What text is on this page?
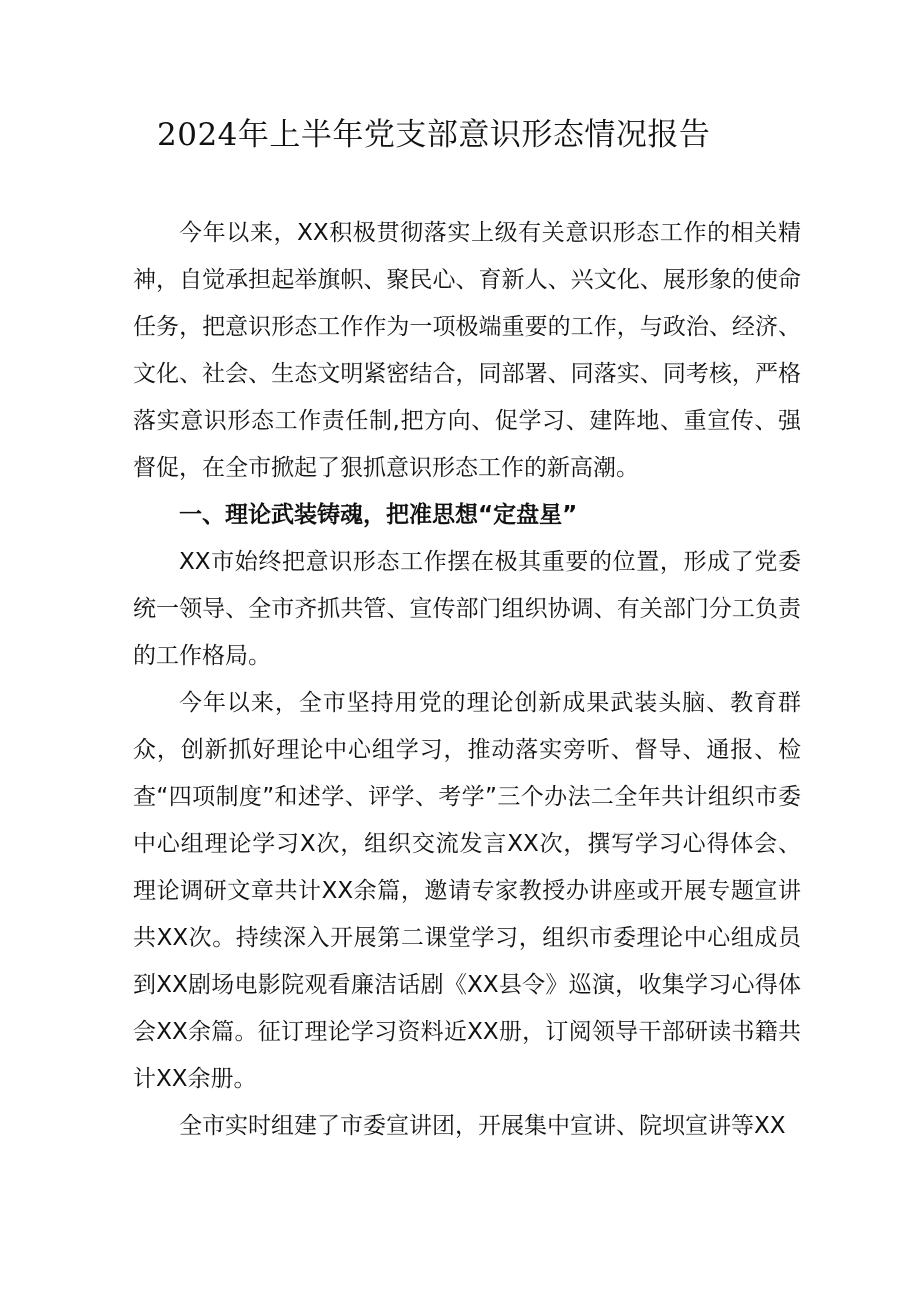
2024年上半年党支部意识形态情况报告

今年以来，XX积极贯彻落实上级有关意识形态工作的相关精神，自觉承担起举旗帜、聚民心、育新人、兴文化、展形象的使命任务，把意识形态工作作为一项极端重要的工作，与政治、经济、文化、社会、生态文明紧密结合，同部署、同落实、同考核，严格落实意识形态工作责任制,把方向、促学习、建阵地、重宣传、强督促，在全市掀起了狠抓意识形态工作的新高潮。

一、理论武装铸魂，把准思想“定盘星”

XX市始终把意识形态工作摆在极其重要的位置，形成了党委统一领导、全市齐抓共管、宣传部门组织协调、有关部门分工负责的工作格局。

今年以来，全市坚持用党的理论创新成果武装头脑、教育群众，创新抓好理论中心组学习，推动落实旁听、督导、通报、检查“四项制度”和述学、评学、考学”三个办法二全年共计组织市委中心组理论学习X次，组织交流发言XX次，撰写学习心得体会、理论调研文章共计XX余篇，邀请专家教授办讲座或开展专题宣讲共XX次。持续深入开展第二课堂学习，组织市委理论中心组成员到XX剧场电影院观看廉洁话剧《XX县令》巡演，收集学习心得体会XX余篇。征订理论学习资料近XX册，订阅领导干部研读书籍共计XX余册。

全市实时组建了市委宣讲团，开展集中宣讲、院坝宣讲等XX
